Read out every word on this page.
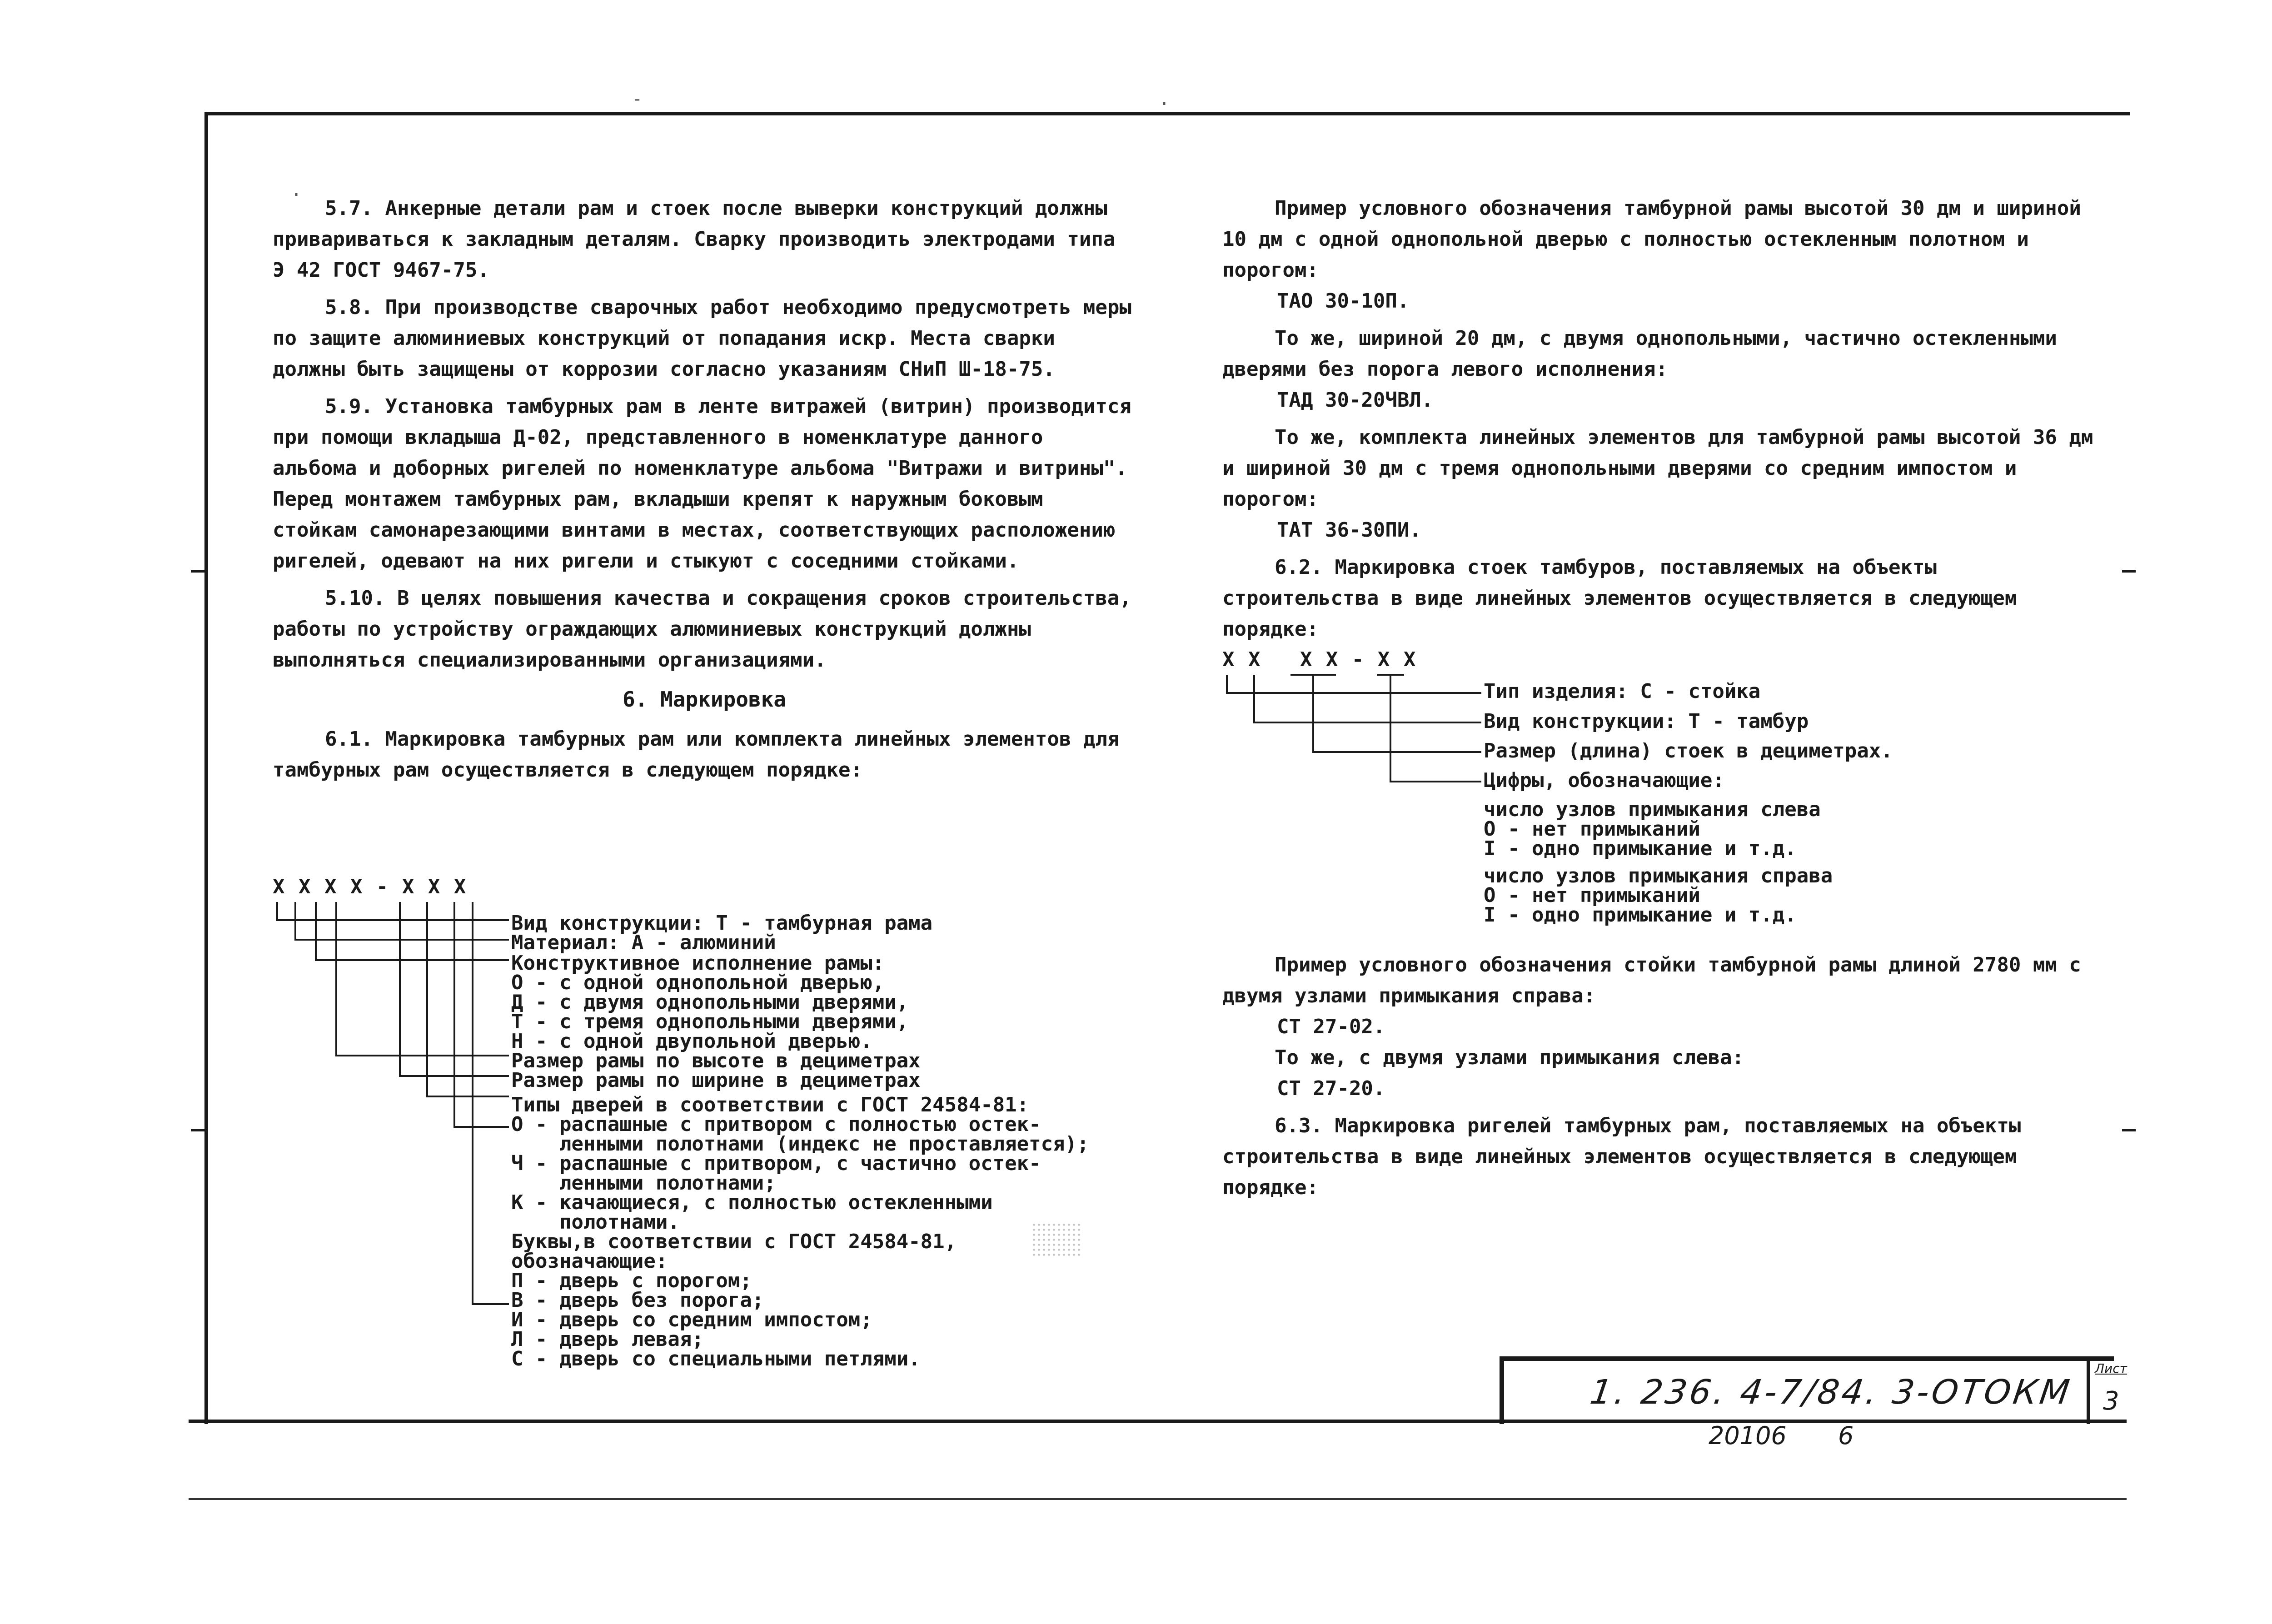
.
-	.

5.7. Анкерные детали рам и стоек после выверки конструкций должны привариваться к закладным деталям. Сварку производить электродами типа Э 42 ГОСТ 9467-75.

5.8. При производстве сварочных работ необходимо предусмотреть меры по защите алюминиевых конструкций от попадания искр. Места сварки должны быть защищены от коррозии согласно указаниям СНиП Ш-18-75.

5.9. Установка тамбурных рам в ленте витражей (витрин) производится при помощи вкладыша Д-02, представленного в номенклатуре данного альбома и доборных ригелей по номенклатуре альбома "Витражи и витрины". Перед монтажем тамбурных рам, вкладыши крепят к наружным боковым стойкам самонарезающими винтами в местах, соответствующих расположению ригелей, одевают на них ригели и стыкуют с соседними стойками.

5.10. В целях повышения качества и сокращения сроков строительства, работы по устройству ограждающих алюминиевых конструкций должны выполняться специализированными организациями.

6. Маркировка

6.1. Маркировка тамбурных рам или комплекта линейных элементов для тамбурных рам осуществляется в следующем порядке:

X X X X - X X X
Вид конструкции: Т - тамбурная рама
Материал: А - алюминий
Конструктивное исполнение рамы:
О - с одной однопольной дверью,
Д - с двумя однопольными дверями,
Т - с тремя однопольными дверями,
Н - с одной двупольной дверью.
Размер рамы по высоте в дециметрах
Размер рамы по ширине в дециметрах
Типы дверей в соответствии с ГОСТ 24584-81:
О - распашные с притвором с полностью остек-
ленными полотнами (индекс не проставляется);
Ч - распашные с притвором, с частично остек-
ленными полотнами;
К - качающиеся, с полностью остекленными
полотнами.
Буквы,в соответствии с ГОСТ 24584-81,
обозначающие:
П - дверь с порогом;
В - дверь без порога;
И - дверь со средним импостом;
Л - дверь левая;
С - дверь со специальными петлями.

Пример условного обозначения тамбурной рамы высотой 30 дм и шириной 10 дм с одной однопольной дверью с полностью остекленным полотном и порогом:

ТАО 30-10П.

То же, шириной 20 дм, с двумя однопольными, частично остекленными дверями без порога левого исполнения:

ТАД 30-20ЧВЛ.

То же, комплекта линейных элементов для тамбурной рамы высотой 36 дм и шириной 30 дм с тремя однопольными дверями со средним импостом и порогом:

ТАТ 36-30ПИ.

6.2. Маркировка стоек тамбуров, поставляемых на объекты строительства в виде линейных элементов осуществляется в следующем порядке:

X X   X X - X X
Тип изделия: С - стойка
Вид конструкции: Т - тамбур
Размер (длина) стоек в дециметрах.
Цифры, обозначающие:
число узлов примыкания слева
О - нет примыканий
I - одно примыкание и т.д.
число узлов примыкания справа
О - нет примыканий
I - одно примыкание и т.д.

Пример условного обозначения стойки тамбурной рамы длиной 2780 мм с двумя узлами примыкания справа:

СТ 27-02.

То же, с двумя узлами примыкания слева:

СТ 27-20.

6.3. Маркировка ригелей тамбурных рам, поставляемых на объекты строительства в виде линейных элементов осуществляется в следующем порядке:

1. 236. 4-7/84. 3-ОТОКМ
Лист
3
20106 6
